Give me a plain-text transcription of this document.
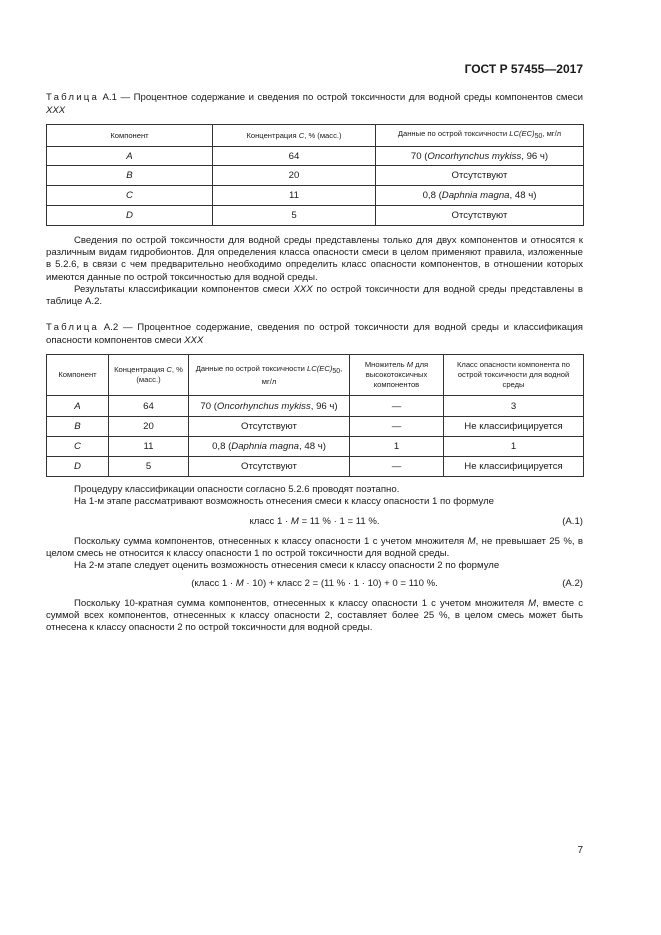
ГОСТ Р 57455—2017
Таблица А.1 — Процентное содержание и сведения по острой токсичности для водной среды компонентов смеси XXX
Компонент	Концентрация C, % (масс.)	Данные по острой токсичности $LC(EC)_{50}$, мг/л
A	64	70 (Oncorhynchus mykiss, 96 ч)
B	20	Отсутствуют
C	11	0,8 (Daphnia magna, 48 ч)
D	5	Отсутствуют

Сведения по острой токсичности для водной среды представлены только для двух компонентов и относятся к различным видам гидробионтов. Для определения класса опасности смеси в целом применяют правила, изложенные в 5.2.6, в связи с чем предварительно необходимо определить класс опасности компонентов, в отношении которых имеются данные по острой токсичностью для водной среды.

Результаты классификации компонентов смеси XXX по острой токсичности для водной среды представлены в таблице А.2.

Таблица А.2 — Процентное содержание, сведения по острой токсичности для водной среды и классификация опасности компонентов смеси XXX
Компонент	Концентрация C, % (масс.)	Данные по острой токсичности $LC(EC)_{50}$, мг/л	Множитель M для высокотоксичных компонентов	Класс опасности компонента по острой токсичности для водной среды
A	64	70 (Oncorhynchus mykiss, 96 ч)	—	3
B	20	Отсутствуют	—	Не классифицируется
C	11	0,8 (Daphnia magna, 48 ч)	1	1
D	5	Отсутствуют	—	Не классифицируется

Процедуру классификации опасности согласно 5.2.6 проводят поэтапно.

На 1-м этапе рассматривают возможность отнесения смеси к классу опасности 1 по формуле

класс 1 · M = 11 % · 1 = 11 %.	(А.1)

Поскольку сумма компонентов, отнесенных к классу опасности 1 с учетом множителя M, не превышает 25 %, в целом смесь не относится к классу опасности 1 по острой токсичности для водной среды.

На 2-м этапе следует оценить возможность отнесения смеси к классу опасности 2 по формуле

(класс 1 · M · 10) + класс 2 = (11 % · 1 · 10) + 0 = 110 %.	(А.2)

Поскольку 10-кратная сумма компонентов, отнесенных к классу опасности 1 с учетом множителя M, вместе с суммой всех компонентов, отнесенных к классу опасности 2, составляет более 25 %, в целом смесь может быть отнесена к классу опасности 2 по острой токсичности для водной среды.

7
